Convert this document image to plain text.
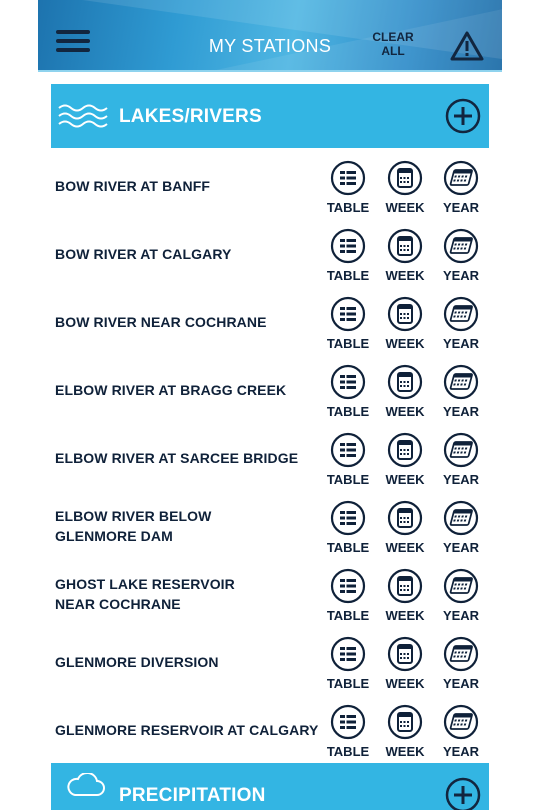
MY STATIONS	CLEAR
ALL
LAKES/RIVERS
BOW RIVER AT BANFF
TABLE	WEEK	YEAR
BOW RIVER AT CALGARY
TABLE	WEEK	YEAR
BOW RIVER NEAR COCHRANE
TABLE	WEEK	YEAR
ELBOW RIVER AT BRAGG CREEK
TABLE	WEEK	YEAR
ELBOW RIVER AT SARCEE BRIDGE
TABLE	WEEK	YEAR
ELBOW RIVER BELOW
GLENMORE DAM
TABLE	WEEK	YEAR
GHOST LAKE RESERVOIR
NEAR COCHRANE
TABLE	WEEK	YEAR
GLENMORE DIVERSION
TABLE	WEEK	YEAR
GLENMORE RESERVOIR AT CALGARY
TABLE	WEEK	YEAR
PRECIPITATION
